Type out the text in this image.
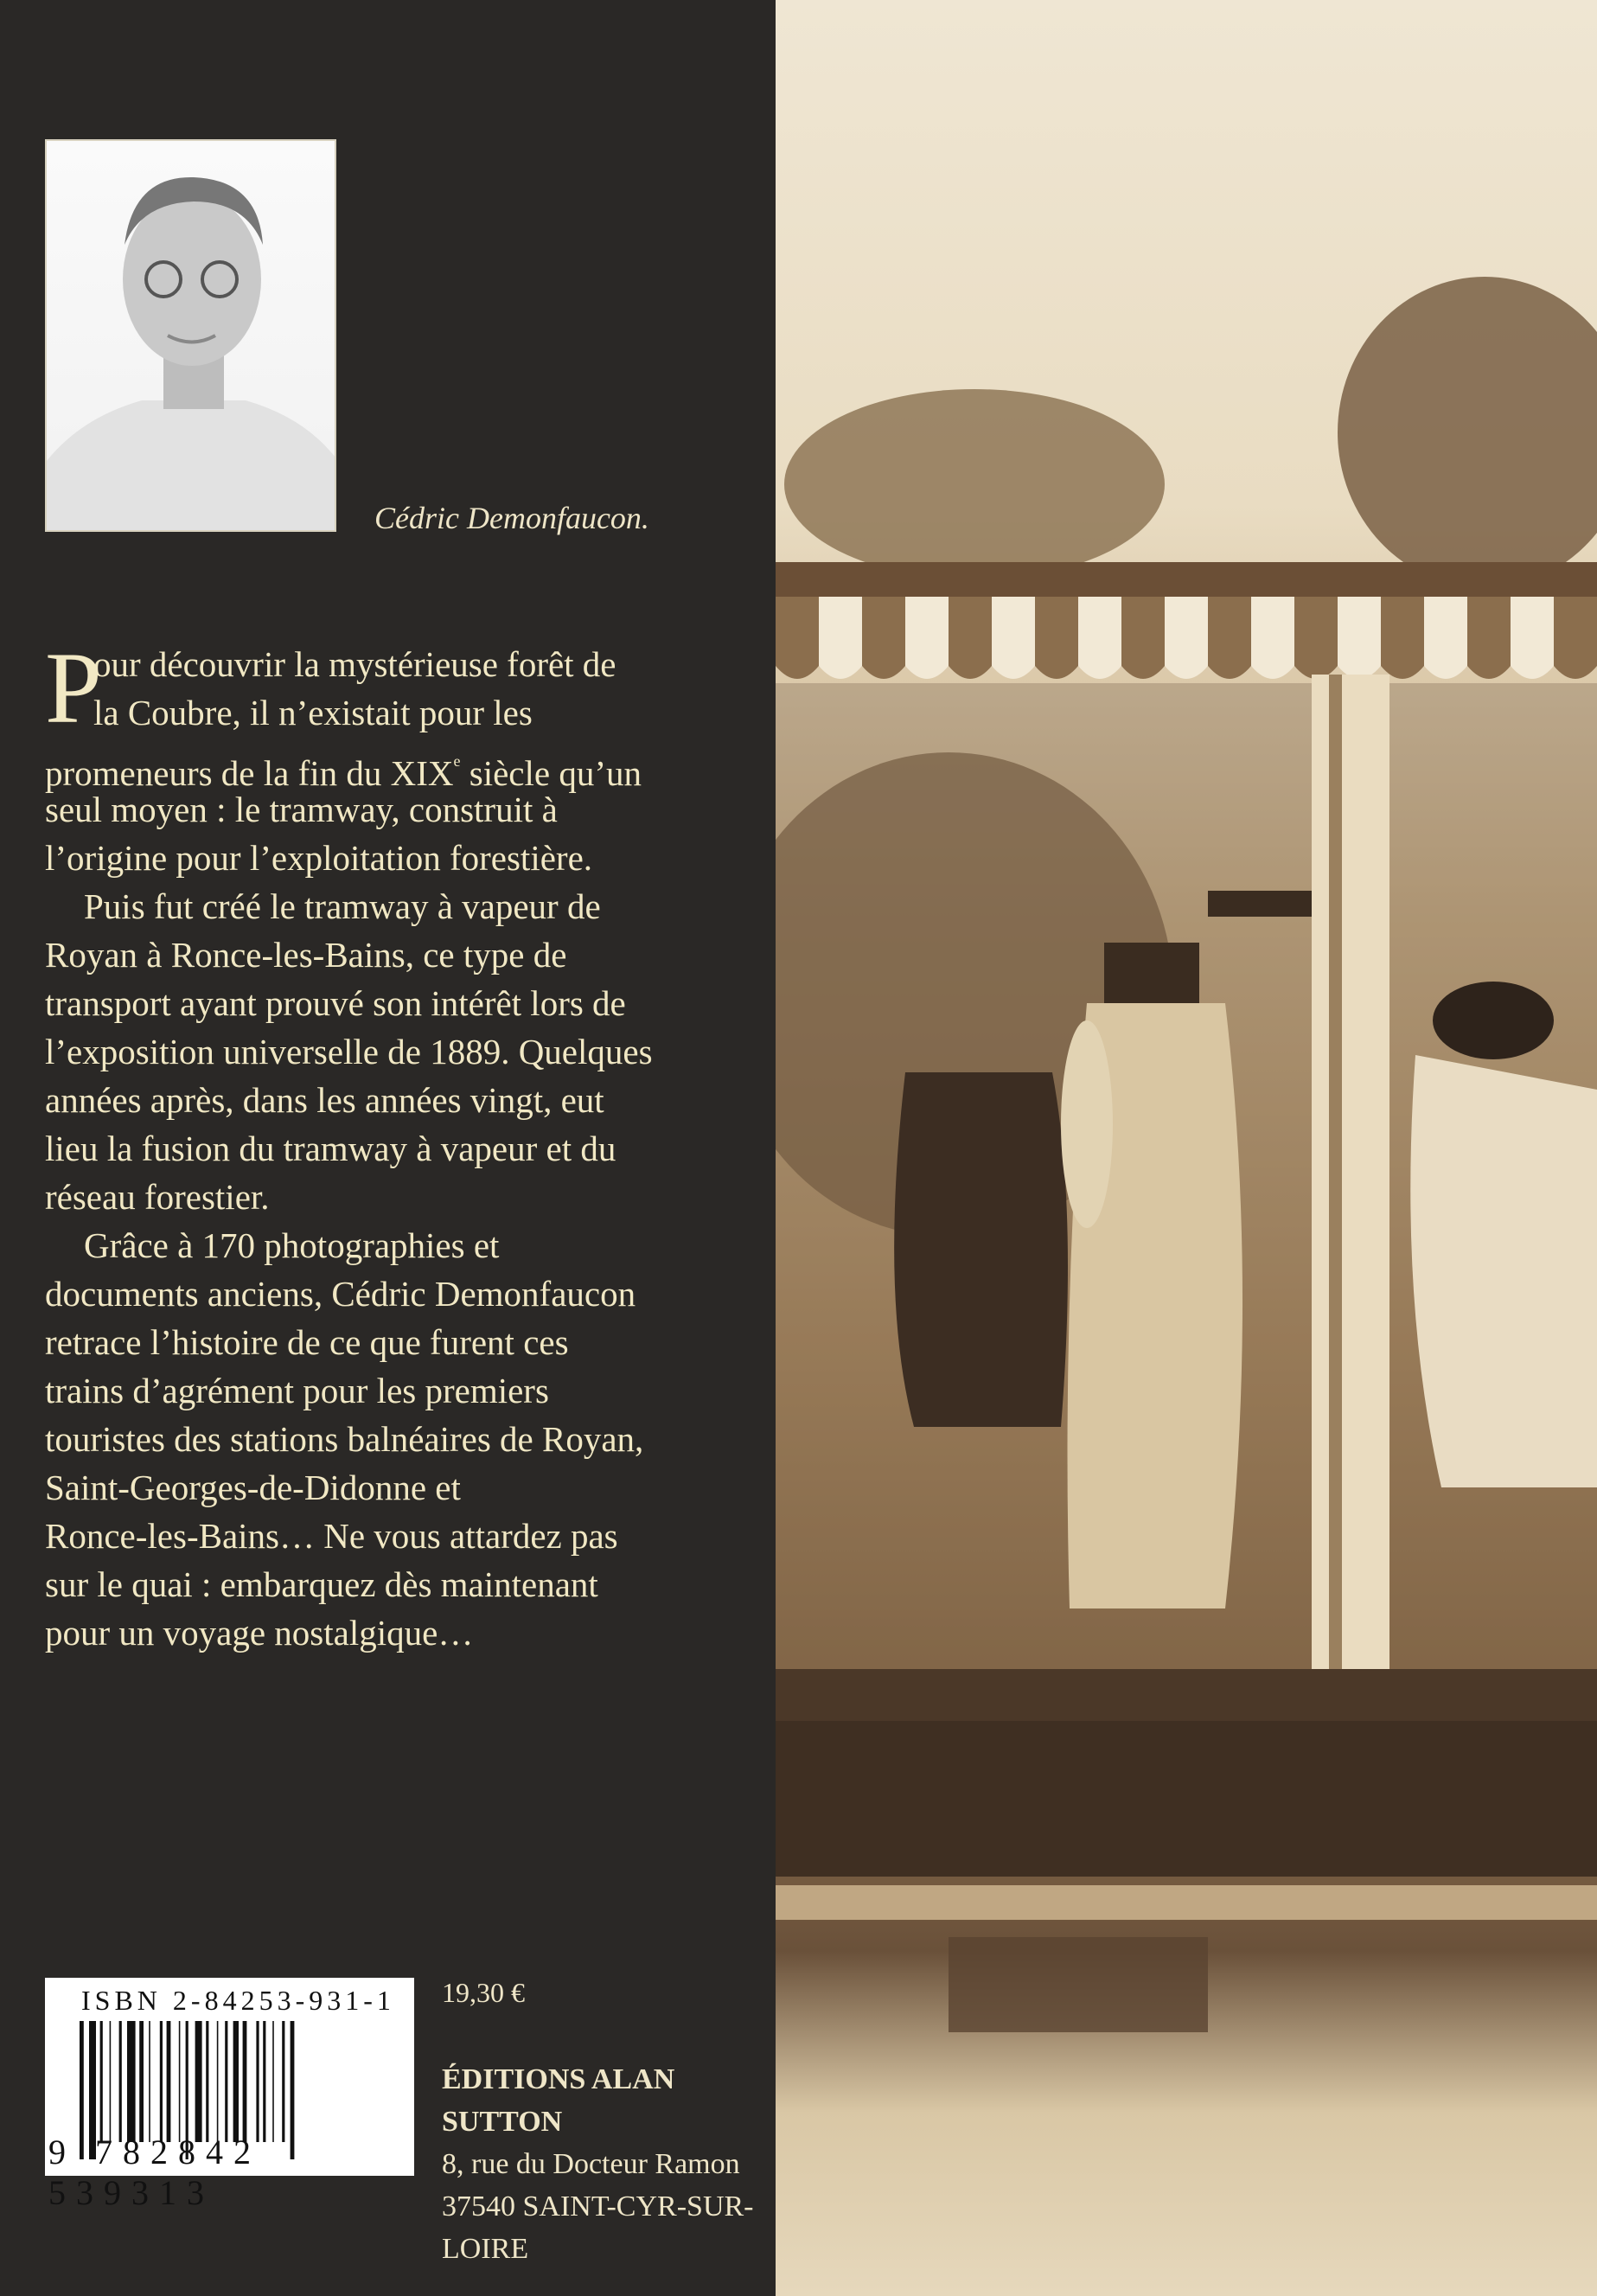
Cédric Demonfaucon.
P
our découvrir la mystérieuse forêt de
la Coubre, il n’existait pour les
promeneurs de la fin du XIXe siècle qu’un
seul moyen : le tramway, construit à
l’origine pour l’exploitation forestière.
Puis fut créé le tramway à vapeur de
Royan à Ronce-les-Bains, ce type de
transport ayant prouvé son intérêt lors de
l’exposition universelle de 1889. Quelques
années après, dans les années vingt, eut
lieu la fusion du tramway à vapeur et du
réseau forestier.
Grâce à 170 photographies et
documents anciens, Cédric Demonfaucon
retrace l’histoire de ce que furent ces
trains d’agrément pour les premiers
touristes des stations balnéaires de Royan,
Saint-Georges-de-Didonne et
Ronce-les-Bains… Ne vous attardez pas
sur le quai : embarquez dès maintenant
pour un voyage nostalgique…
ISBN 2-84253-931-1
9 782842 539313
19,30 €
ÉDITIONS ALAN SUTTON
8, rue du Docteur Ramon
37540 SAINT-CYR-SUR-LOIRE
